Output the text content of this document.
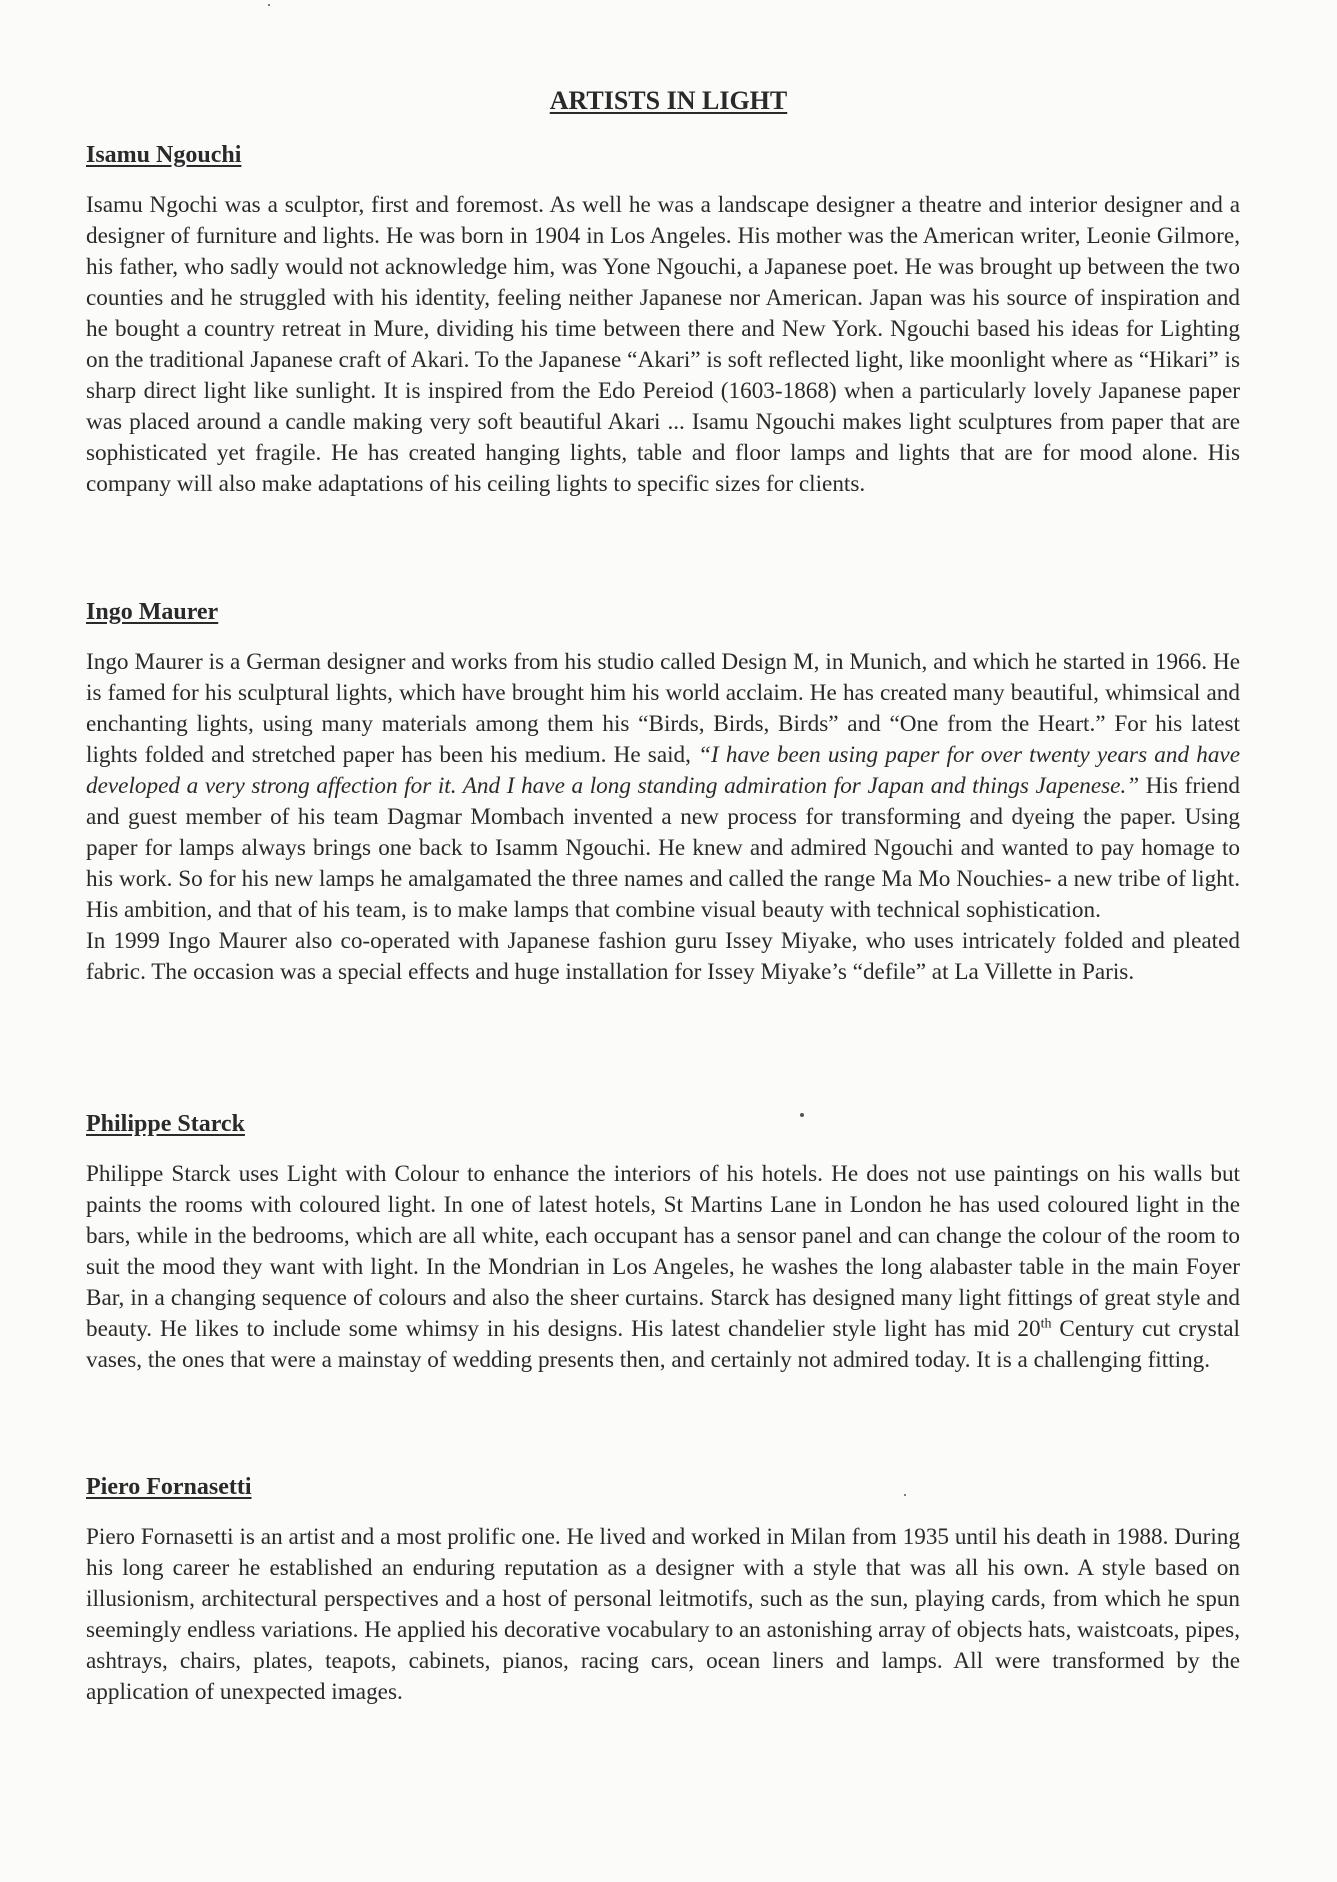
ARTISTS IN LIGHT
Isamu Ngouchi

Isamu Ngochi was a sculptor, first and foremost. As well he was a landscape designer a theatre and interior designer and a designer of furniture and lights. He was born in 1904 in Los Angeles. His mother was the American writer, Leonie Gilmore, his father, who sadly would not acknowledge him, was Yone Ngouchi, a Japanese poet. He was brought up between the two counties and he struggled with his identity, feeling neither Japanese nor American. Japan was his source of inspiration and he bought a country retreat in Mure, dividing his time between there and New York. Ngouchi based his ideas for Lighting on the traditional Japanese craft of Akari. To the Japanese “Akari” is soft reflected light, like moonlight where as “Hikari” is sharp direct light like sunlight. It is inspired from the Edo Pereiod (1603-1868) when a particularly lovely Japanese paper was placed around a candle making very soft beautiful Akari ... Isamu Ngouchi makes light sculptures from paper that are sophisticated yet fragile. He has created hanging lights, table and floor lamps and lights that are for mood alone. His company will also make adaptations of his ceiling lights to specific sizes for clients.

Ingo Maurer

Ingo Maurer is a German designer and works from his studio called Design M, in Munich, and which he started in 1966. He is famed for his sculptural lights, which have brought him his world acclaim. He has created many beautiful, whimsical and enchanting lights, using many materials among them his “Birds, Birds, Birds” and “One from the Heart.” For his latest lights folded and stretched paper has been his medium. He said, “I have been using paper for over twenty years and have developed a very strong affection for it. And I have a long standing admiration for Japan and things Japenese.” His friend and guest member of his team Dagmar Mombach invented a new process for transforming and dyeing the paper. Using paper for lamps always brings one back to Isamm Ngouchi. He knew and admired Ngouchi and wanted to pay homage to his work. So for his new lamps he amalgamated the three names and called the range Ma Mo Nouchies- a new tribe of light. His ambition, and that of his team, is to make lamps that combine visual beauty with technical sophistication.

In 1999 Ingo Maurer also co-operated with Japanese fashion guru Issey Miyake, who uses intricately folded and pleated fabric. The occasion was a special effects and huge installation for Issey Miyake’s “defile” at La Villette in Paris.

Philippe Starck

Philippe Starck uses Light with Colour to enhance the interiors of his hotels. He does not use paintings on his walls but paints the rooms with coloured light. In one of latest hotels, St Martins Lane in London he has used coloured light in the bars, while in the bedrooms, which are all white, each occupant has a sensor panel and can change the colour of the room to suit the mood they want with light. In the Mondrian in Los Angeles, he washes the long alabaster table in the main Foyer Bar, in a changing sequence of colours and also the sheer curtains. Starck has designed many light fittings of great style and beauty. He likes to include some whimsy in his designs. His latest chandelier style light has mid 20th Century cut crystal vases, the ones that were a mainstay of wedding presents then, and certainly not admired today. It is a challenging fitting.

Piero Fornasetti

Piero Fornasetti is an artist and a most prolific one. He lived and worked in Milan from 1935 until his death in 1988. During his long career he established an enduring reputation as a designer with a style that was all his own. A style based on illusionism, architectural perspectives and a host of personal leitmotifs, such as the sun, playing cards, from which he spun seemingly endless variations. He applied his decorative vocabulary to an astonishing array of objects hats, waistcoats, pipes, ashtrays, chairs, plates, teapots, cabinets, pianos, racing cars, ocean liners and lamps. All were transformed by the application of unexpected images.
